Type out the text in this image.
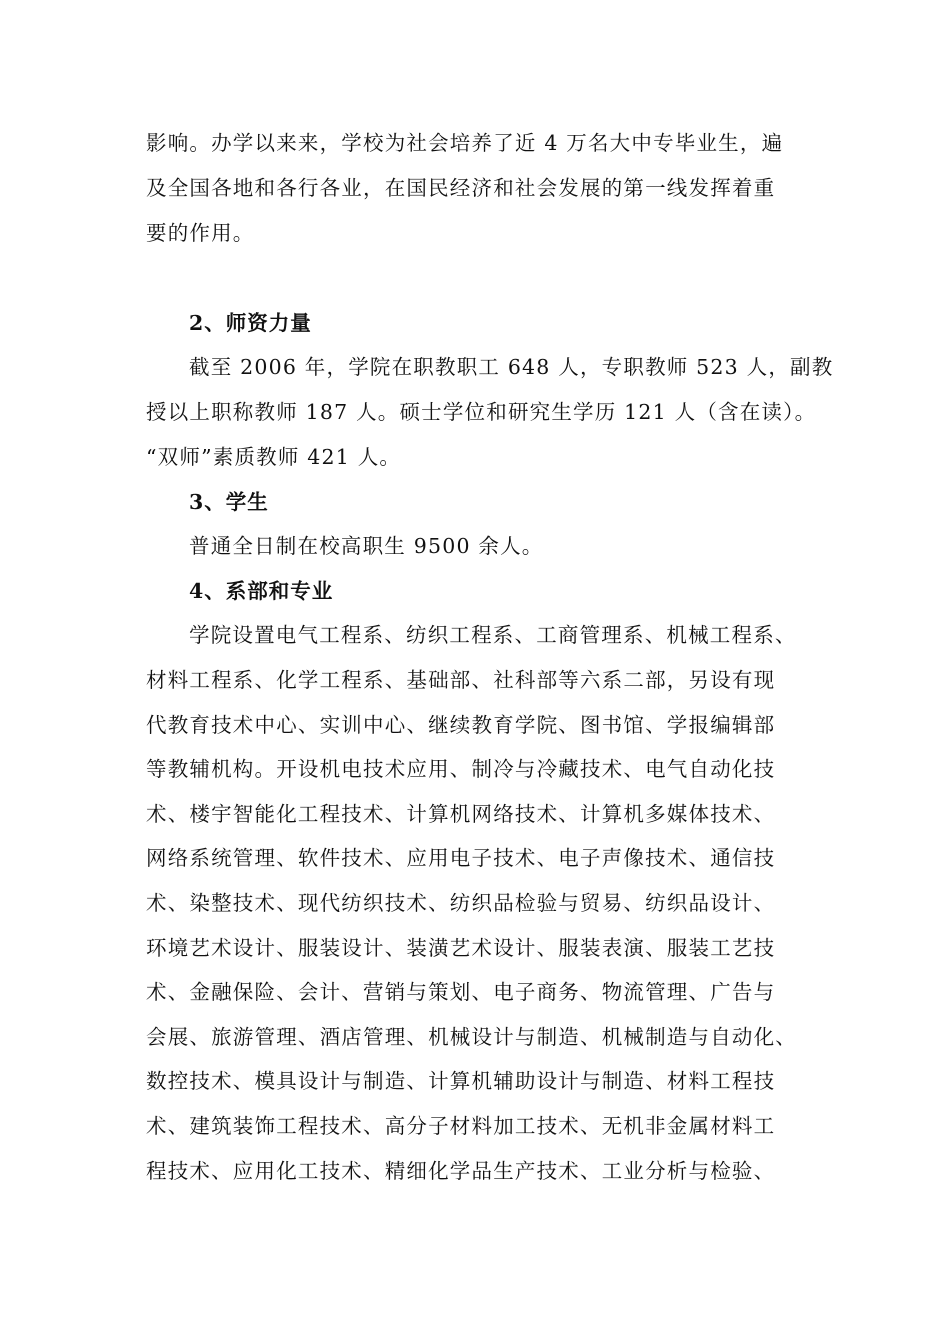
影响。办学以来来，学校为社会培养了近 4 万名大中专毕业生，遍
及全国各地和各行各业，在国民经济和社会发展的第一线发挥着重
要的作用。
2、师资力量
截至 2006 年，学院在职教职工 648 人，专职教师 523 人，副教
授以上职称教师 187 人。硕士学位和研究生学历 121 人（含在读）。
“双师”素质教师 421 人。
3、学生
普通全日制在校高职生 9500 余人。
4、系部和专业
学院设置电气工程系、纺织工程系、工商管理系、机械工程系、
材料工程系、化学工程系、基础部、社科部等六系二部，另设有现
代教育技术中心、实训中心、继续教育学院、图书馆、学报编辑部
等教辅机构。开设机电技术应用、制冷与冷藏技术、电气自动化技
术、楼宇智能化工程技术、计算机网络技术、计算机多媒体技术、
网络系统管理、软件技术、应用电子技术、电子声像技术、通信技
术、染整技术、现代纺织技术、纺织品检验与贸易、纺织品设计、
环境艺术设计、服装设计、装潢艺术设计、服装表演、服装工艺技
术、金融保险、会计、营销与策划、电子商务、物流管理、广告与
会展、旅游管理、酒店管理、机械设计与制造、机械制造与自动化、
数控技术、模具设计与制造、计算机辅助设计与制造、材料工程技
术、建筑装饰工程技术、高分子材料加工技术、无机非金属材料工
程技术、应用化工技术、精细化学品生产技术、工业分析与检验、
